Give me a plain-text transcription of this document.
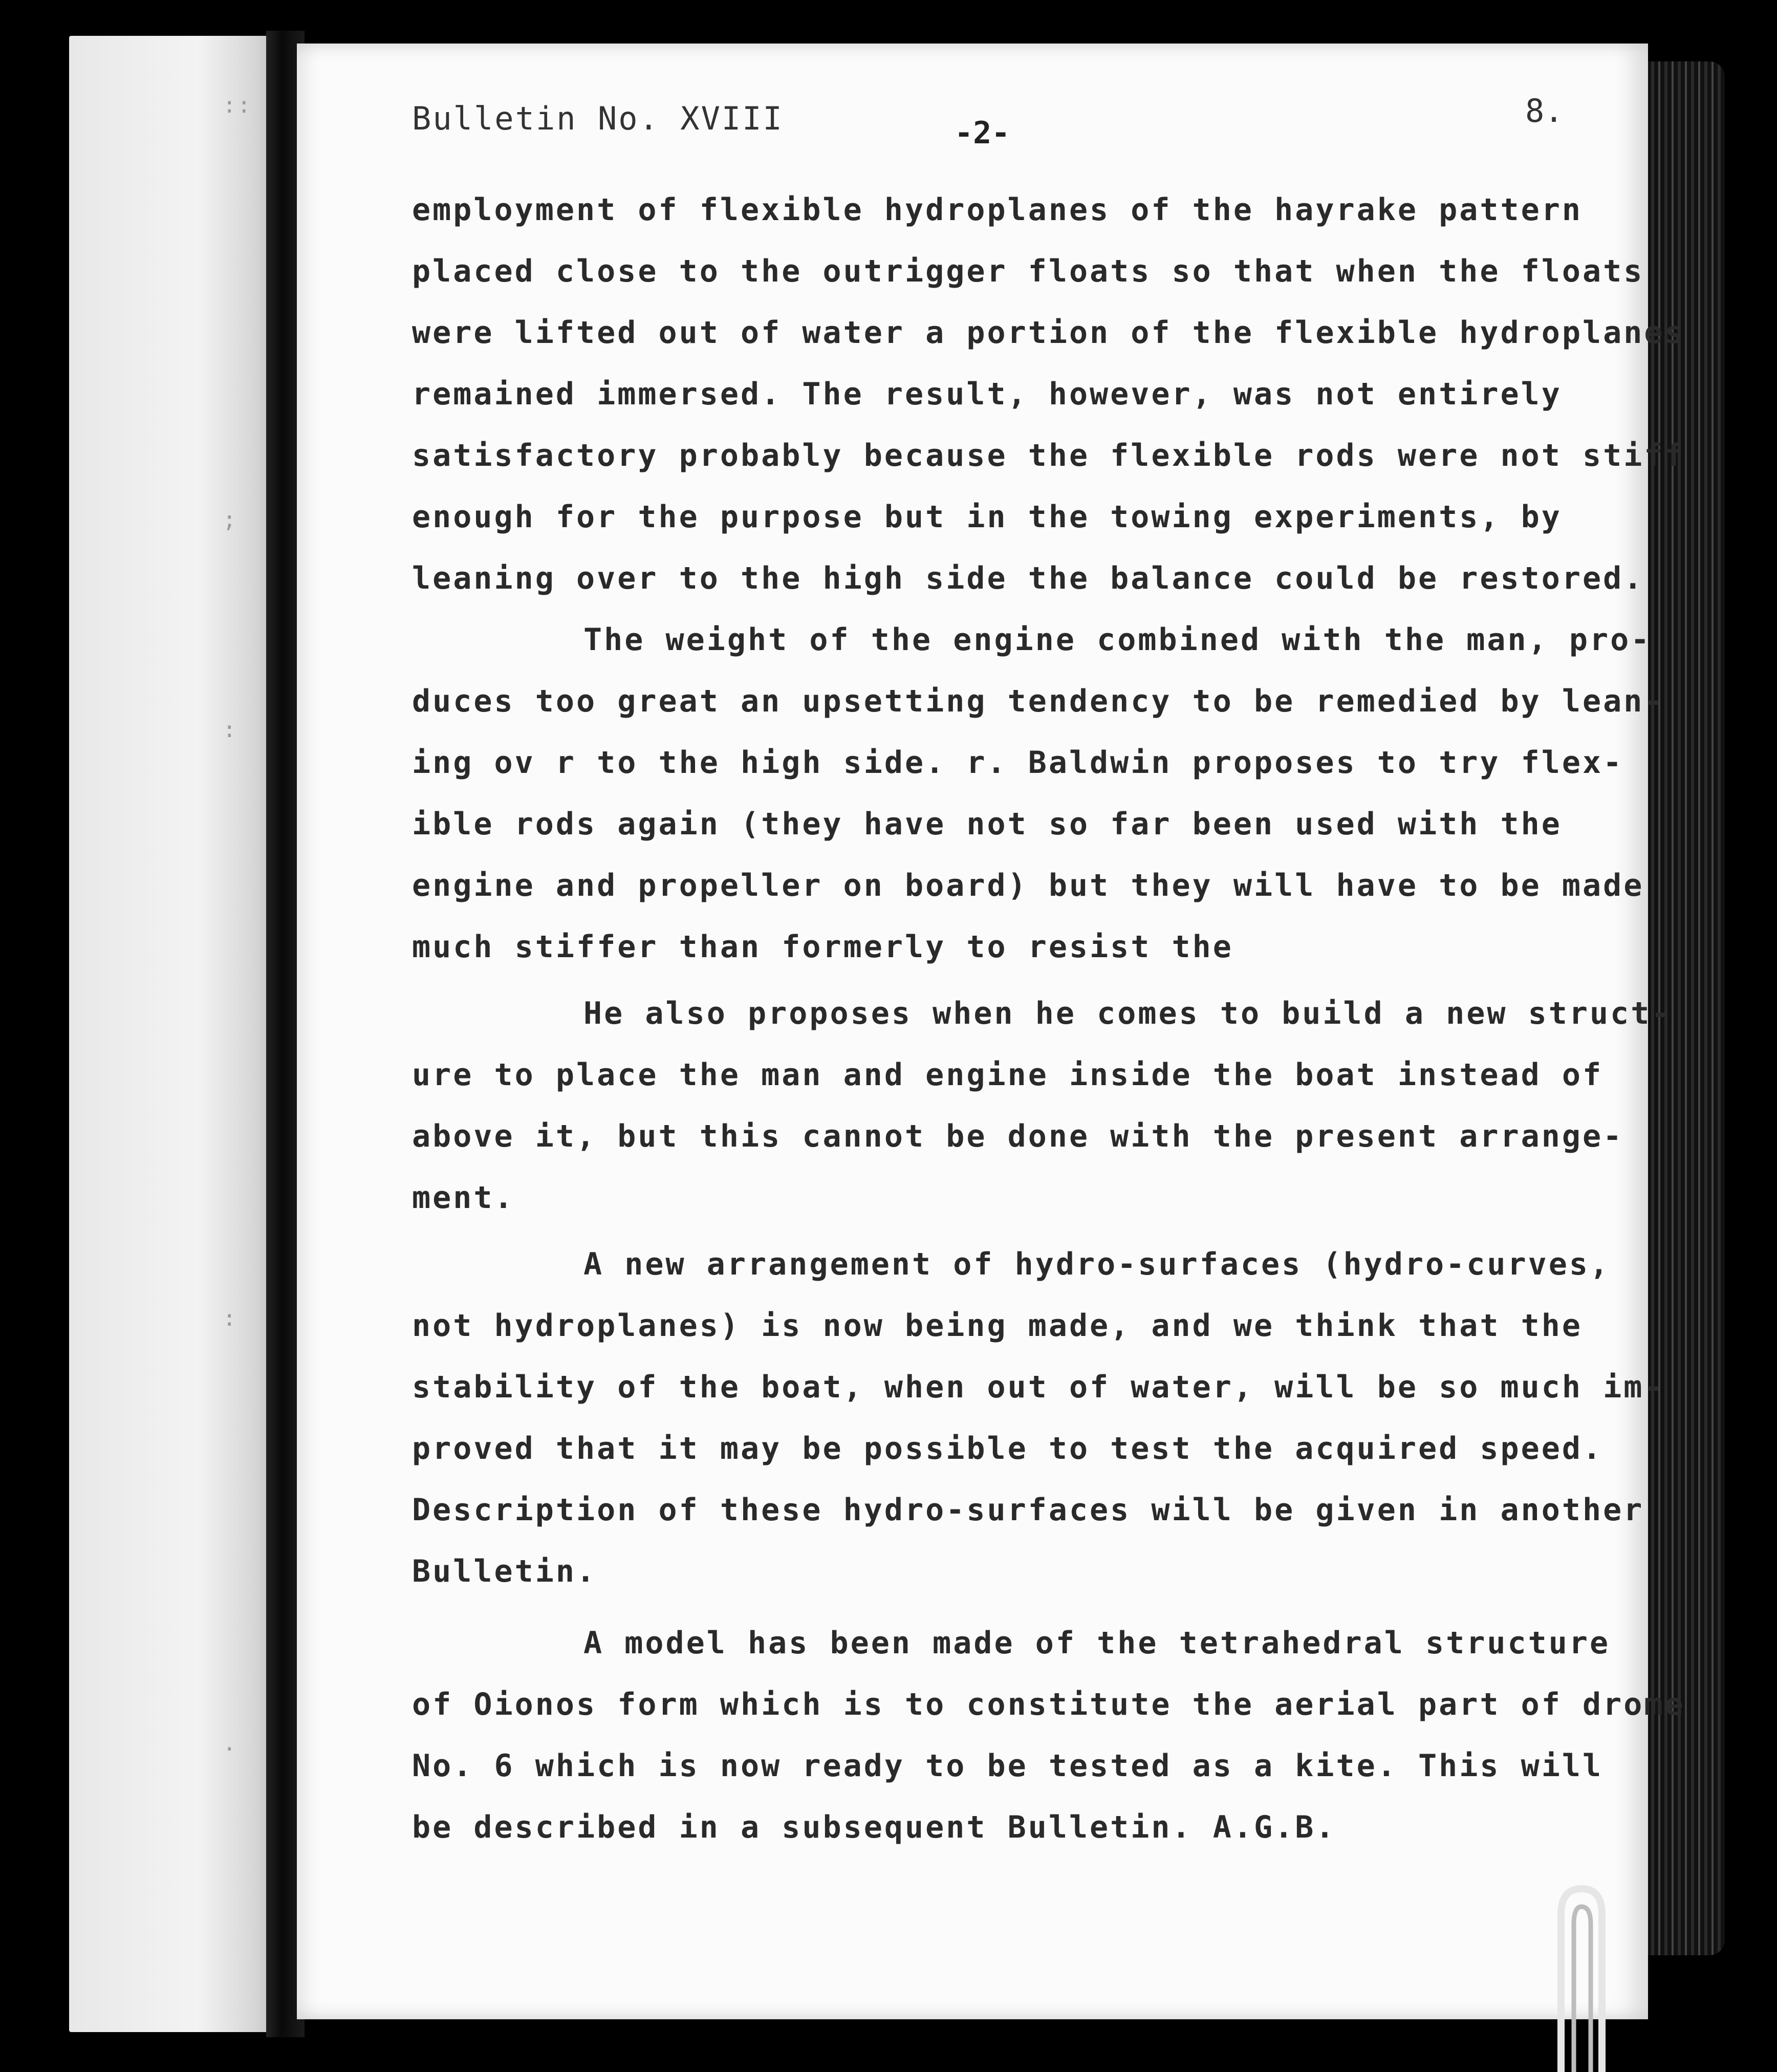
::
;
:
:
.
Bulletin No. XVIII	-2-
8.
employment of flexible hydroplanes of the hayrake pattern
placed close to the outrigger floats so that when the floats
were lifted out of water a portion of the flexible hydroplanes
remained immersed. The result, however, was not entirely
satisfactory probably because the flexible rods were not stiff
enough for the purpose but in the towing experiments, by
leaning over to the high side the balance could be restored.
The weight of the engine combined with the man, pro-
duces too great an upsetting tendency to be remedied by lean-
ing ov r to the high side. r. Baldwin proposes to try flex-
ible rods again (they have not so far been used with the
engine and propeller on board) but they will have to be made
much stiffer than formerly to resist the
He also proposes when he comes to build a new struct-
ure to place the man and engine inside the boat instead of
above it, but this cannot be done with the present arrange-
ment.
A new arrangement of hydro-surfaces (hydro-curves,
not hydroplanes) is now being made, and we think that the
stability of the boat, when out of water, will be so much im-
proved that it may be possible to test the acquired speed.
Description of these hydro-surfaces will be given in another
Bulletin.
A model has been made of the tetrahedral structure
of Oionos form which is to constitute the aerial part of drome
No. 6 which is now ready to be tested as a kite. This will
be described in a subsequent Bulletin. A.G.B.
